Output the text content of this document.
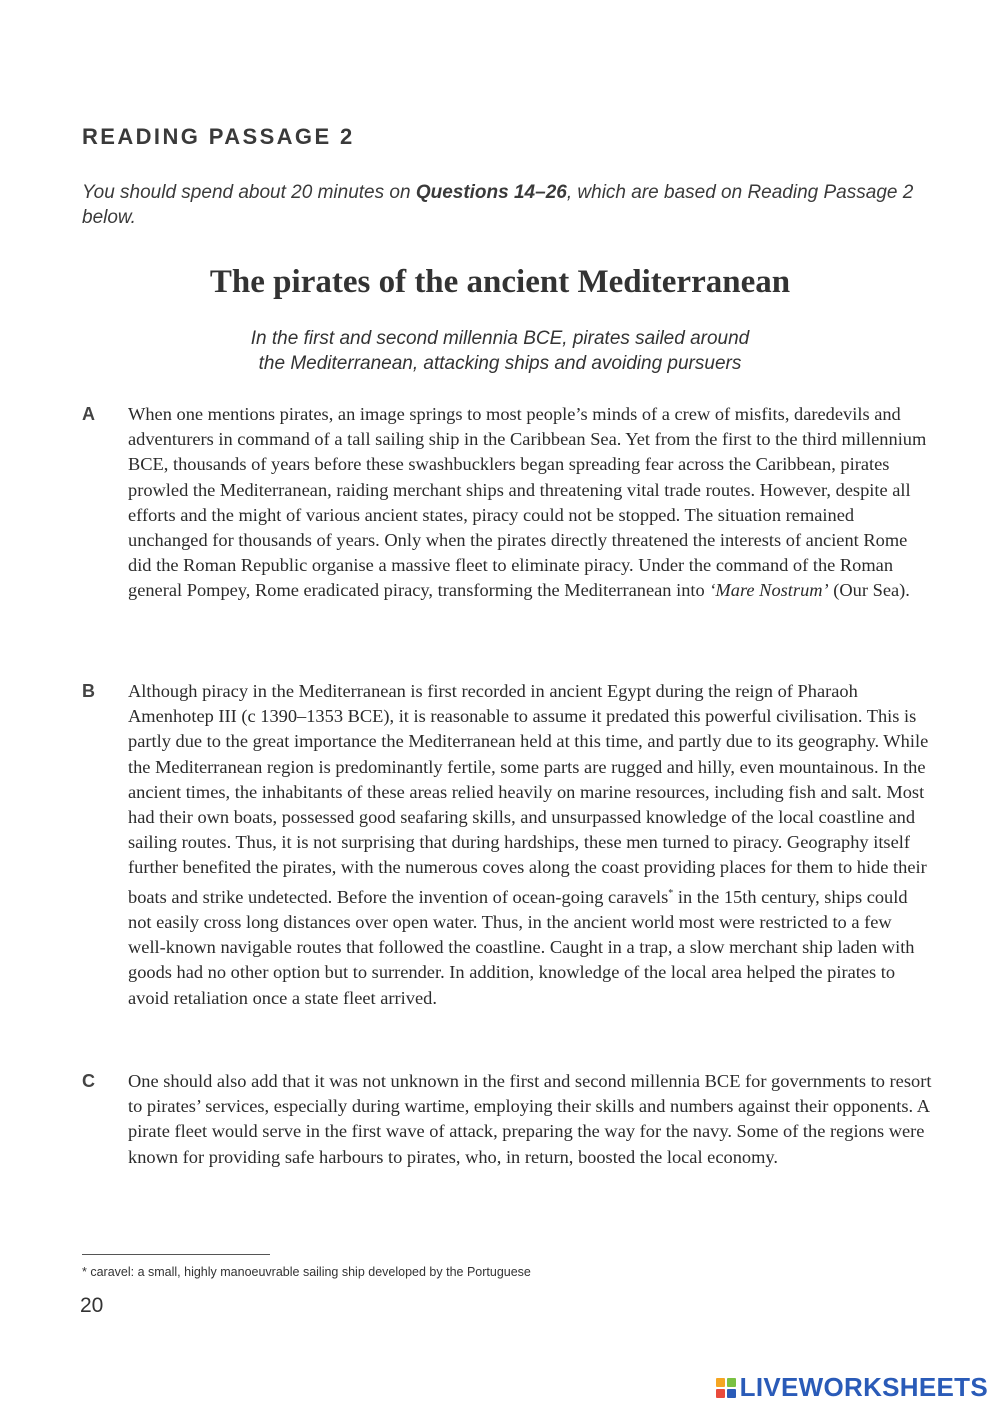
READING PASSAGE 2

You should spend about 20 minutes on Questions 14–26, which are based on Reading Passage 2 below.

The pirates of the ancient Mediterranean

In the first and second millennia BCE, pirates sailed around
the Mediterranean, attacking ships and avoiding pursuers

A	When one mentions pirates, an image springs to most people’s minds of a crew of misfits, daredevils and adventurers in command of a tall sailing ship in the Caribbean Sea. Yet from the first to the third millennium BCE, thousands of years before these swashbucklers began spreading fear across the Caribbean, pirates prowled the Mediterranean, raiding merchant ships and threatening vital trade routes. However, despite all efforts and the might of various ancient states, piracy could not be stopped. The situation remained unchanged for thousands of years. Only when the pirates directly threatened the interests of ancient Rome did the Roman Republic organise a massive fleet to eliminate piracy. Under the command of the Roman general Pompey, Rome eradicated piracy, transforming the Mediterranean into ‘Mare Nostrum’ (Our Sea).

B	Although piracy in the Mediterranean is first recorded in ancient Egypt during the reign of Pharaoh Amenhotep III (c 1390–1353 BCE), it is reasonable to assume it predated this powerful civilisation. This is partly due to the great importance the Mediterranean held at this time, and partly due to its geography. While the Mediterranean region is predominantly fertile, some parts are rugged and hilly, even mountainous. In the ancient times, the inhabitants of these areas relied heavily on marine resources, including fish and salt. Most had their own boats, possessed good seafaring skills, and unsurpassed knowledge of the local coastline and sailing routes. Thus, it is not surprising that during hardships, these men turned to piracy. Geography itself further benefited the pirates, with the numerous coves along the coast providing places for them to hide their boats and strike undetected. Before the invention of ocean-going caravels* in the 15th century, ships could not easily cross long distances over open water. Thus, in the ancient world most were restricted to a few well-known navigable routes that followed the coastline. Caught in a trap, a slow merchant ship laden with goods had no other option but to surrender. In addition, knowledge of the local area helped the pirates to avoid retaliation once a state fleet arrived.

C	One should also add that it was not unknown in the first and second millennia BCE for governments to resort to pirates’ services, especially during wartime, employing their skills and numbers against their opponents. A pirate fleet would serve in the first wave of attack, preparing the way for the navy. Some of the regions were known for providing safe harbours to pirates, who, in return, boosted the local economy.

* caravel: a small, highly manoeuvrable sailing ship developed by the Portuguese

20
LIVEWORKSHEETS
